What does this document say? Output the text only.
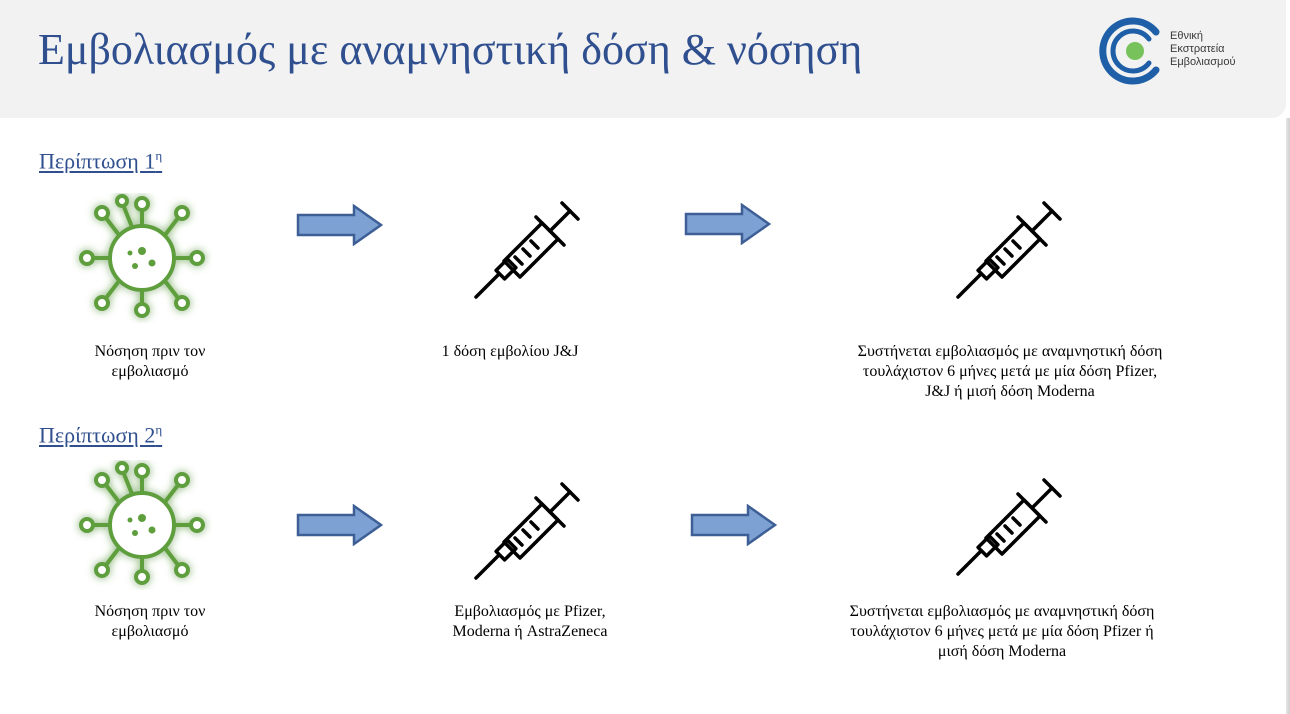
Εμβολιασμός με αναμνηστική δόση & νόσηση	Εθνική
Εκστρατεία
Εμβολιασμού
Περίπτωση $1^\eta$
Νόσηση πριν τον
εμβολιασμό
1 δόση εμβολίου J&J	Συστήνεται εμβολιασμός με αναμνηστική δόση
τουλάχιστον 6 μήνες μετά με μία δόση Pfizer,
J&J ή μισή δόση Moderna
Περίπτωση $2^\eta$
Νόσηση πριν τον
εμβολιασμό
Εμβολιασμός με Pfizer,
Moderna ή AstraZeneca
Συστήνεται εμβολιασμός με αναμνηστική δόση
τουλάχιστον 6 μήνες μετά με μία δόση Pfizer ή
μισή δόση Moderna
